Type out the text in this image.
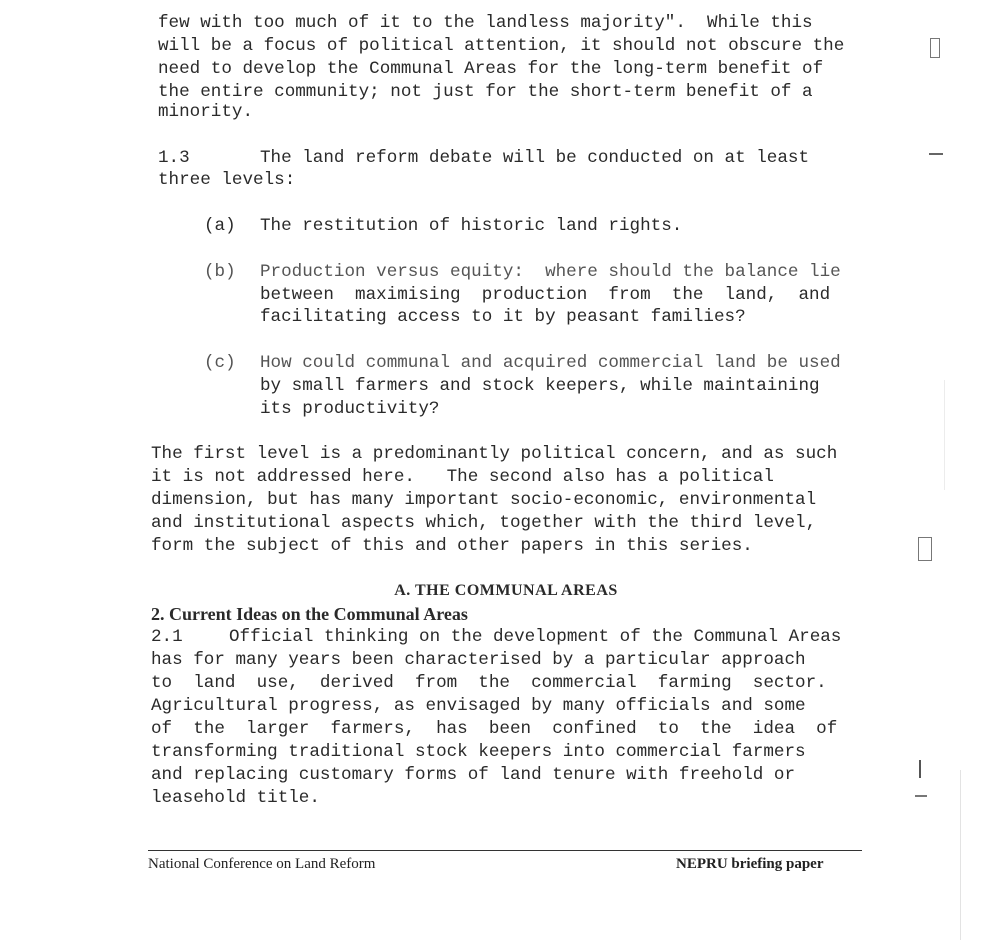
few with too much of it to the landless majority".  While this

will be a focus of political attention, it should not obscure the

need to develop the Communal Areas for the long-term benefit of

the entire community; not just for the short-term benefit of a

minority.

1.3	The land reform debate will be conducted on at least
three levels:
(a) The restitution of historic land rights.
(b) Production versus equity:  where should the balance lie
between  maximising  production  from  the  land,  and
facilitating access to it by peasant families?
(c) How could communal and acquired commercial land be used
by small farmers and stock keepers, while maintaining
its productivity?

The first level is a predominantly political concern, and as such

it is not addressed here.   The second also has a political

dimension, but has many important socio-economic, environmental

and institutional aspects which, together with the third level,

form the subject of this and other papers in this series.

A. THE COMMUNAL AREAS
2. Current Ideas on the Communal Areas
2.1	Official thinking on the development of the Communal Areas
has for many years been characterised by a particular approach
to  land  use,  derived  from  the  commercial  farming  sector.
Agricultural progress, as envisaged by many officials and some
of  the  larger  farmers,  has  been  confined  to  the  idea  of
transforming traditional stock keepers into commercial farmers
and replacing customary forms of land tenure with freehold or
leasehold title.
National Conference on Land Reform	NEPRU briefing paper
